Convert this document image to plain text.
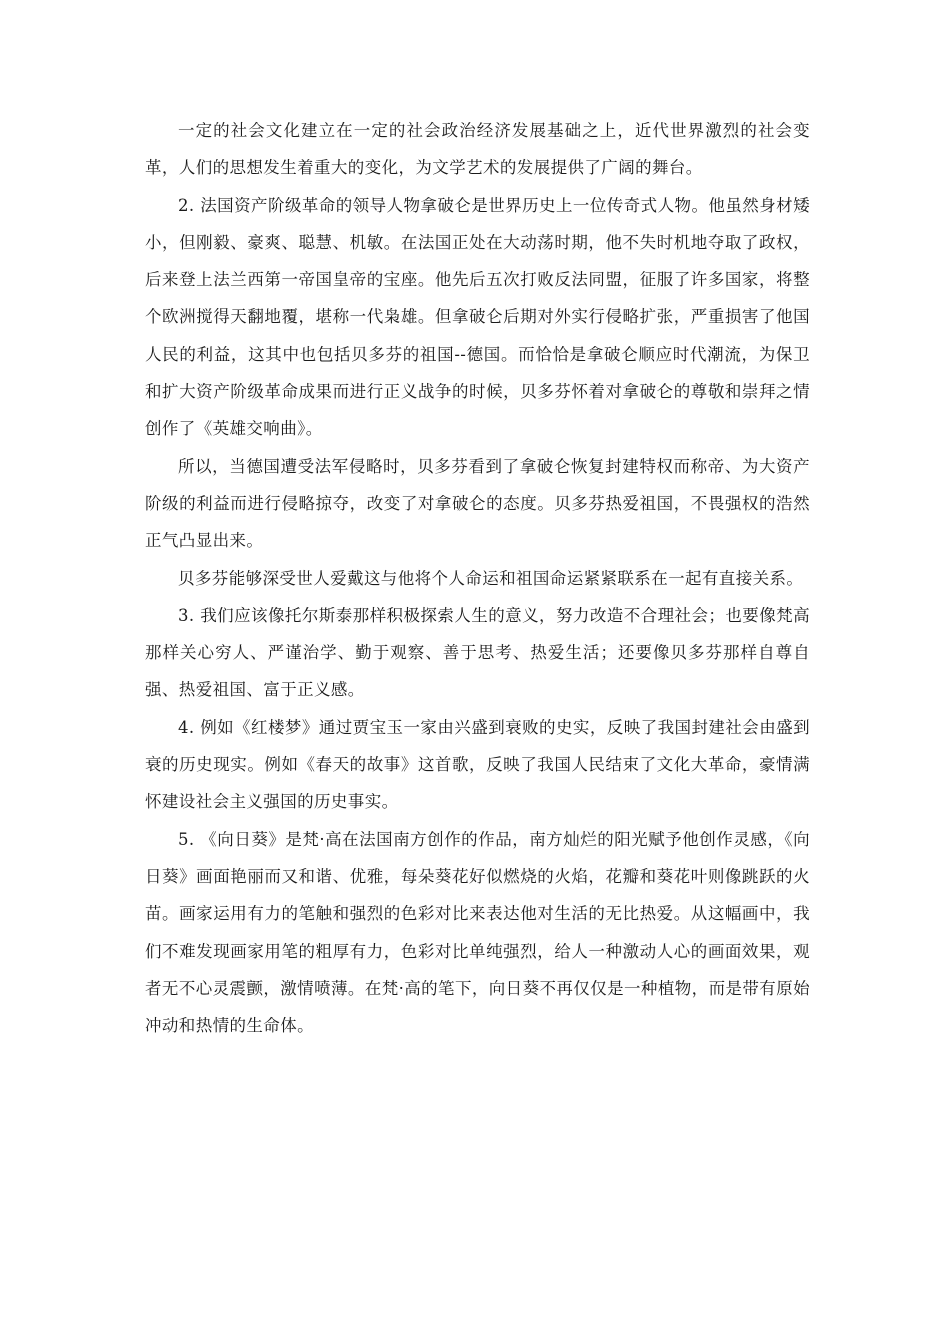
一定的社会文化建立在一定的社会政治经济发展基础之上，近代世界激烈的社会变革，人们的思想发生着重大的变化，为文学艺术的发展提供了广阔的舞台。

2. 法国资产阶级革命的领导人物拿破仑是世界历史上一位传奇式人物。他虽然身材矮小，但刚毅、豪爽、聪慧、机敏。在法国正处在大动荡时期，他不失时机地夺取了政权，后来登上法兰西第一帝国皇帝的宝座。他先后五次打败反法同盟，征服了许多国家，将整个欧洲搅得天翻地覆，堪称一代枭雄。但拿破仑后期对外实行侵略扩张，严重损害了他国人民的利益，这其中也包括贝多芬的祖国--德国。而恰恰是拿破仑顺应时代潮流，为保卫和扩大资产阶级革命成果而进行正义战争的时候，贝多芬怀着对拿破仑的尊敬和崇拜之情创作了《英雄交响曲》。

所以，当德国遭受法军侵略时，贝多芬看到了拿破仑恢复封建特权而称帝、为大资产阶级的利益而进行侵略掠夺，改变了对拿破仑的态度。贝多芬热爱祖国，不畏强权的浩然正气凸显出来。

贝多芬能够深受世人爱戴这与他将个人命运和祖国命运紧紧联系在一起有直接关系。

3. 我们应该像托尔斯泰那样积极探索人生的意义，努力改造不合理社会；也要像梵高那样关心穷人、严谨治学、勤于观察、善于思考、热爱生活；还要像贝多芬那样自尊自强、热爱祖国、富于正义感。

4. 例如《红楼梦》通过贾宝玉一家由兴盛到衰败的史实，反映了我国封建社会由盛到衰的历史现实。例如《春天的故事》这首歌，反映了我国人民结束了文化大革命，豪情满怀建设社会主义强国的历史事实。

5. 《向日葵》是梵·高在法国南方创作的作品，南方灿烂的阳光赋予他创作灵感，《向日葵》画面艳丽而又和谐、优雅，每朵葵花好似燃烧的火焰，花瓣和葵花叶则像跳跃的火苗。画家运用有力的笔触和强烈的色彩对比来表达他对生活的无比热爱。从这幅画中，我们不难发现画家用笔的粗厚有力，色彩对比单纯强烈，给人一种激动人心的画面效果，观者无不心灵震颤，激情喷薄。在梵·高的笔下，向日葵不再仅仅是一种植物，而是带有原始冲动和热情的生命体。
